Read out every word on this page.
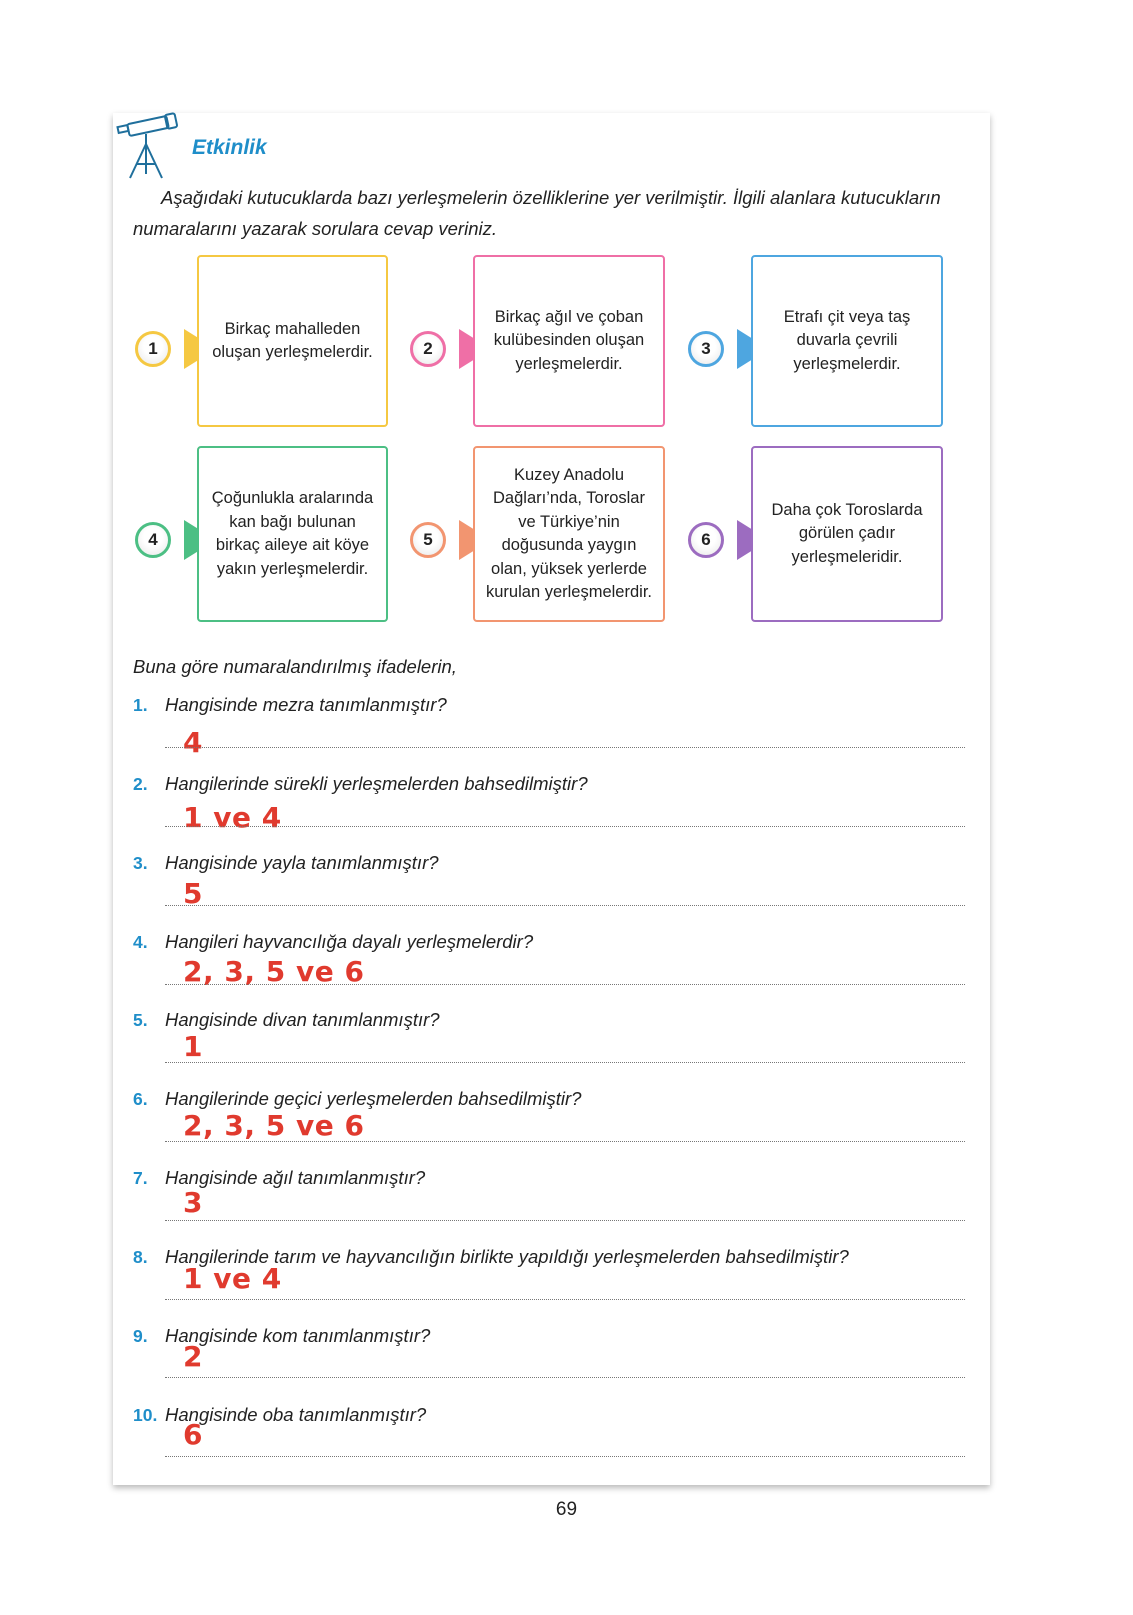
Etkinlik
Aşağıdaki kutucuklarda bazı yerleşmelerin özelliklerine yer verilmiştir. İlgili alanlara kutucukların numaralarını yazarak sorulara cevap veriniz.
1
Birkaç mahalleden oluşan yerleşmelerdir.	2
Birkaç ağıl ve çoban kulübesinden oluşan yerleşmelerdir.
3
Etrafı çit veya taş duvarla çevrili yerleşmelerdir.
4
Çoğunlukla aralarında kan bağı bulunan birkaç aileye ait köye yakın yerleşmelerdir.
5
Kuzey Anadolu Dağları’nda, Toroslar ve Türkiye’nin doğusunda yaygın olan, yüksek yerlerde kurulan yerleşmelerdir.
6
Daha çok Toroslarda görülen çadır yerleşmeleridir.
Buna göre numaralandırılmış ifadelerin,
1. Hangisinde mezra tanımlanmıştır?
4
2. Hangilerinde sürekli yerleşmelerden bahsedilmiştir?
1 ve 4
3. Hangisinde yayla tanımlanmıştır?
5
4. Hangileri hayvancılığa dayalı yerleşmelerdir?
2, 3, 5 ve 6
5. Hangisinde divan tanımlanmıştır?
1
6. Hangilerinde geçici yerleşmelerden bahsedilmiştir?
2, 3, 5 ve 6
7. Hangisinde ağıl tanımlanmıştır?
3
8. Hangilerinde tarım ve hayvancılığın birlikte yapıldığı yerleşmelerden bahsedilmiştir?
1 ve 4
9. Hangisinde kom tanımlanmıştır?
2
10. Hangisinde oba tanımlanmıştır?
6
69
